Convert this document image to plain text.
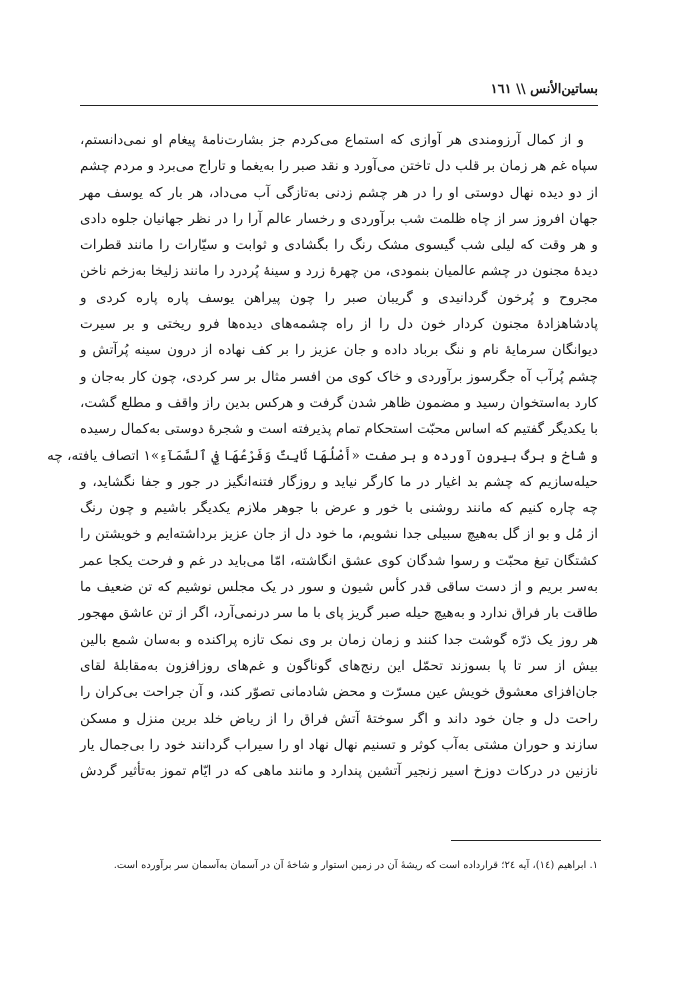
بساتين‌الأنس \\ ١٦١
و از کمال آرزومندی هر آوازی که استماع می‌کردم جز بشارت‌نامۀ پیغام او نمی‌دانستم،
سپاه غم هر زمان بر قلب دل تاختن می‌آورد و نقد صبر را به‌یغما و تاراج می‌برد و مردم چشم
از دو دیده نهال دوستی او را در هر چشم زدنی به‌تازگی آب می‌داد، هر بار که یوسف مهر
جهان افروز سر از چاه ظلمت شب برآوردی و رخسار عالم آرا را در نظر جهانیان جلوه دادی
و هر وقت که لیلی شب گیسوی مشک رنگ را بگشادی و ثوابت و سیّارات را مانند قطرات
دیدۀ مجنون در چشم عالمیان بنمودی، من چهرۀ زرد و سینۀ پُردرد را مانند زلیخا به‌زخم ناخن
مجروح و پُرخون گردانیدی و گریبان صبر را چون پیراهن یوسف پاره پاره کردی و
پادشاهزادۀ مجنون کردار خون دل را از راه چشمه‌های دیده‌ها فرو ریختی و بر سیرت
دیوانگان سرمایۀ نام و ننگ برباد داده و جان عزیز را بر کف نهاده از درون سینه پُرآتش و
چشم پُرآب آه جگرسوز برآوردی و خاک کوی من افسر مثال بر سر کردی، چون کار به‌جان و
کارد به‌استخوان رسید و مضمون ظاهر شدن گرفت و هرکس بدین راز واقف و مطلع گشت،
با یکدیگر گفتیم که اساس محبّت استحکام تمام پذیرفته است و شجرۀ دوستی به‌کمال رسیده
و شاخ و برگ بیرون آورده و بر صفت «أَصْلُهَا ثَابِتٌ وَفَرْعُهَا فِي ٱلسَّمَآءِ»١ اتصاف یافته، چه
حیله‌سازیم که چشم بد اغیار در ما کارگر نیاید و روزگار فتنه‌انگیز در جور و جفا نگشاید، و
چه چاره کنیم که مانند روشنی با خور و عرض با جوهر ملازم یکدیگر باشیم و چون رنگ
از مُل و بو از گل به‌هیچ سبیلی جدا نشویم، ما خود دل از جان عزیز برداشته‌ایم و خویشتن را
کشتگان تیغ محبّت و رسوا شدگان کوی عشق انگاشته، امّا می‌باید در غم و فرحت یکجا عمر
به‌سر بریم و از دست ساقی قدر کأس شیون و سور در یک مجلس نوشیم که تن ضعیف ما
طاقت بار فراق ندارد و به‌هیچ حیله صبر گریز پای با ما سر درنمی‌آرد، اگر از تن عاشق مهجور
هر روز یک ذرّه گوشت جدا کنند و زمان زمان بر وی نمک تازه پراکنده و به‌سان شمع بالین
بیش از سر تا پا بسوزند تحمّل این رنج‌های گوناگون و غم‌های روزافزون به‌مقابلۀ لقای
جان‌افزای معشوق خویش عین مسرّت و محض شادمانی تصوّر کند، و آن جراحت بی‌کران را
راحت دل و جان خود داند و اگر سوختۀ آتش فراق را از ریاض خلد برین منزل و مسکن
سازند و حوران مشتی به‌آب کوثر و تسنیم نهال نهاد او را سیراب گردانند خود را بی‌جمال یار
نازنین در درکات دوزخ اسیر زنجیر آتشین پندارد و مانند ماهی که در ایّام تموز به‌تأثیر گردش
١. ابراهیم (١٤)، آیه ٢٤؛ قرارداده است که ریشۀ آن در زمین استوار و شاخۀ آن در آسمان به‌آسمان سر برآورده است.
